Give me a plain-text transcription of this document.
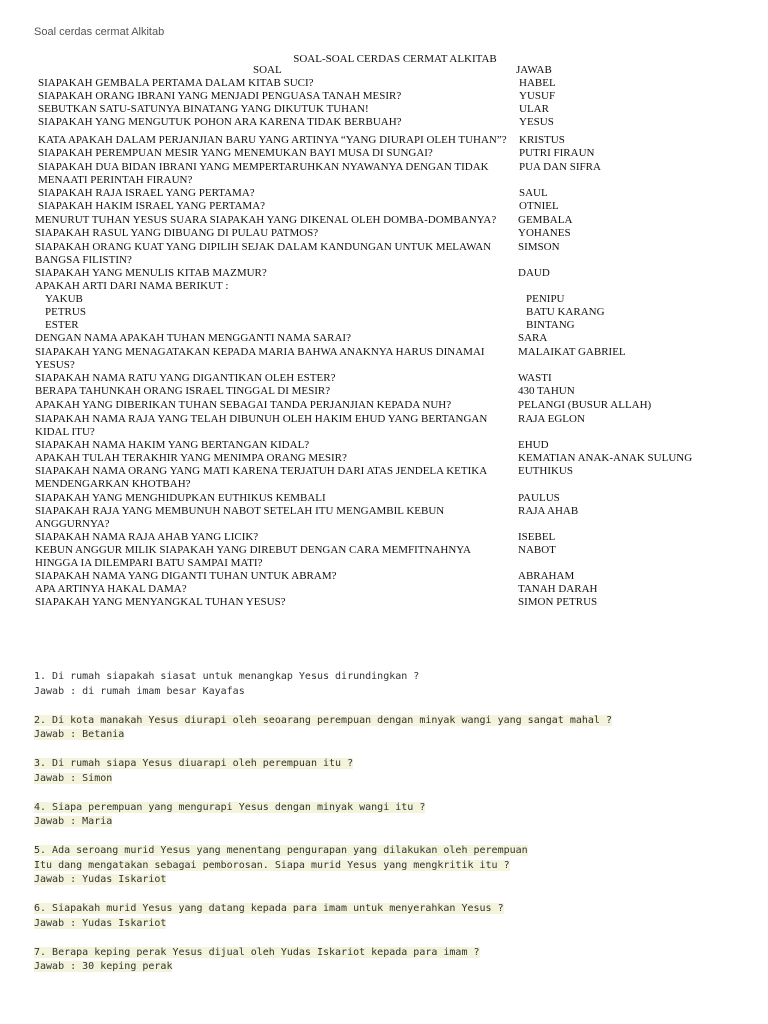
Soal cerdas cermat Alkitab
SOAL-SOAL CERDAS CERMAT ALKITAB
SOAL	JAWAB
SIAPAKAH GEMBALA PERTAMA DALAM KITAB SUCI?	HABEL
SIAPAKAH ORANG IBRANI YANG MENJADI PENGUASA TANAH MESIR?	YUSUF
SEBUTKAN SATU-SATUNYA BINATANG YANG DIKUTUK TUHAN!	ULAR
SIAPAKAH YANG MENGUTUK POHON ARA KARENA TIDAK BERBUAH?	YESUS
KATA APAKAH DALAM PERJANJIAN BARU YANG ARTINYA “YANG DIURAPI OLEH TUHAN”?	KRISTUS
SIAPAKAH PEREMPUAN MESIR YANG MENEMUKAN BAYI MUSA DI SUNGAI?	PUTRI FIRAUN
SIAPAKAH DUA BIDAN IBRANI YANG MEMPERTARUHKAN NYAWANYA DENGAN TIDAK MENAATI PERINTAH FIRAUN?
PUA DAN SIFRA
SIAPAKAH RAJA ISRAEL YANG PERTAMA?	SAUL
SIAPAKAH HAKIM ISRAEL YANG PERTAMA?	OTNIEL
MENURUT TUHAN YESUS SUARA SIAPAKAH YANG DIKENAL OLEH DOMBA-DOMBANYA?	GEMBALA
SIAPAKAH RASUL YANG DIBUANG DI PULAU PATMOS?	YOHANES
SIAPAKAH ORANG KUAT YANG DIPILIH SEJAK DALAM KANDUNGAN UNTUK MELAWAN BANGSA FILISTIN?
SIMSON
SIAPAKAH YANG MENULIS KITAB MAZMUR?	DAUD
APAKAH ARTI DARI NAMA BERIKUT :
YAKUB	PENIPU
PETRUS	BATU KARANG
ESTER	BINTANG
DENGAN NAMA APAKAH TUHAN MENGGANTI NAMA SARAI?	SARA
SIAPAKAH YANG MENAGATAKAN KEPADA MARIA BAHWA ANAKNYA HARUS DINAMAI YESUS?
MALAIKAT GABRIEL
SIAPAKAH NAMA RATU YANG DIGANTIKAN OLEH ESTER?	WASTI
BERAPA TAHUNKAH ORANG ISRAEL TINGGAL DI MESIR?	430 TAHUN
APAKAH YANG DIBERIKAN TUHAN SEBAGAI TANDA PERJANJIAN KEPADA NUH?	PELANGI (BUSUR ALLAH)
SIAPAKAH NAMA RAJA YANG TELAH DIBUNUH OLEH HAKIM EHUD YANG BERTANGAN KIDAL ITU?
RAJA EGLON
SIAPAKAH NAMA HAKIM YANG BERTANGAN KIDAL?	EHUD
APAKAH TULAH TERAKHIR YANG MENIMPA ORANG MESIR?	KEMATIAN ANAK-ANAK SULUNG
SIAPAKAH NAMA ORANG YANG MATI KARENA TERJATUH DARI ATAS JENDELA KETIKA MENDENGARKAN KHOTBAH?
EUTHIKUS
SIAPAKAH YANG MENGHIDUPKAN EUTHIKUS KEMBALI	PAULUS
SIAPAKAH RAJA YANG MEMBUNUH NABOT SETELAH ITU MENGAMBIL KEBUN ANGGURNYA?
RAJA AHAB
SIAPAKAH NAMA RAJA AHAB YANG LICIK?	ISEBEL
KEBUN ANGGUR MILIK SIAPAKAH YANG DIREBUT DENGAN CARA MEMFITNAHNYA HINGGA IA DILEMPARI BATU SAMPAI MATI?
NABOT
SIAPAKAH NAMA YANG DIGANTI TUHAN UNTUK ABRAM?	ABRAHAM
APA ARTINYA HAKAL DAMA?	TANAH DARAH
SIAPAKAH YANG MENYANGKAL TUHAN YESUS?	SIMON PETRUS
1. Di rumah siapakah siasat untuk menangkap Yesus dirundingkan ?
Jawab : di rumah imam besar Kayafas
2. Di kota manakah Yesus diurapi oleh seoarang perempuan dengan minyak wangi yang sangat mahal ?
Jawab : Betania
3. Di rumah siapa Yesus diuarapi oleh perempuan itu ?
Jawab : Simon
4. Siapa perempuan yang mengurapi Yesus dengan minyak wangi itu ?
Jawab : Maria
5. Ada seroang murid Yesus yang menentang pengurapan yang dilakukan oleh perempuan
Itu dang mengatakan sebagai pemborosan. Siapa murid Yesus yang mengkritik itu ?
Jawab : Yudas Iskariot
6. Siapakah murid Yesus yang datang kepada para imam untuk menyerahkan Yesus ?
Jawab : Yudas Iskariot
7. Berapa keping perak Yesus dijual oleh Yudas Iskariot kepada para imam ?
Jawab : 30 keping perak
